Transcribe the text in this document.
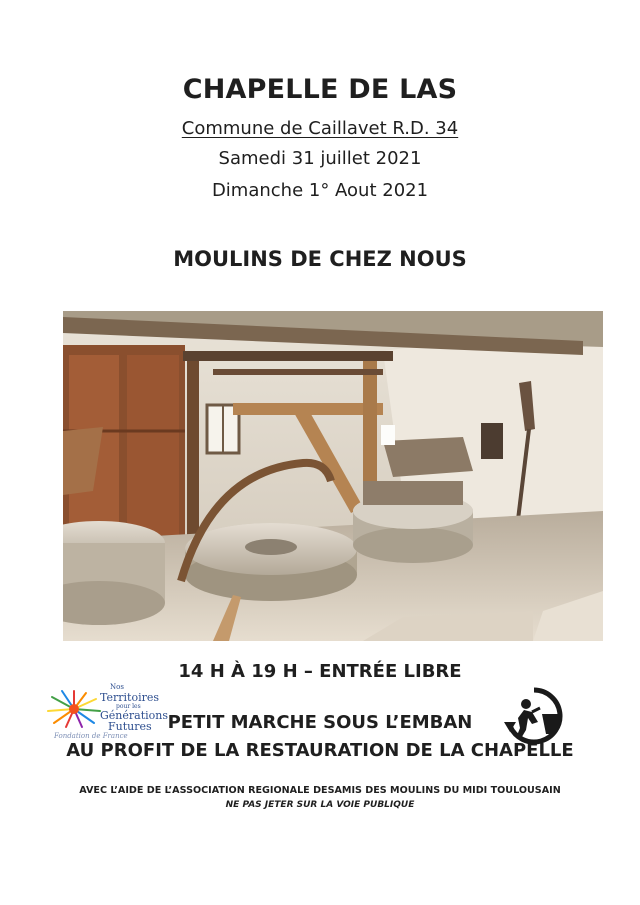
CHAPELLE DE LAS
Commune de Caillavet R.D. 34
Samedi 31 juillet 2021
Dimanche 1° Aout 2021
MOULINS DE CHEZ NOUS
14 H À 19 H – ENTRÉE LIBRE
Nos
Territoires
pour les
Générations
Futures
Fondation de France
PETIT MARCHE SOUS L’EMBAN
AU PROFIT DE LA RESTAURATION DE LA CHAPELLE
AVEC L’AIDE DE L’ASSOCIATION REGIONALE DESAMIS DES MOULINS DU MIDI TOULOUSAIN
NE PAS JETER SUR LA VOIE PUBLIQUE
